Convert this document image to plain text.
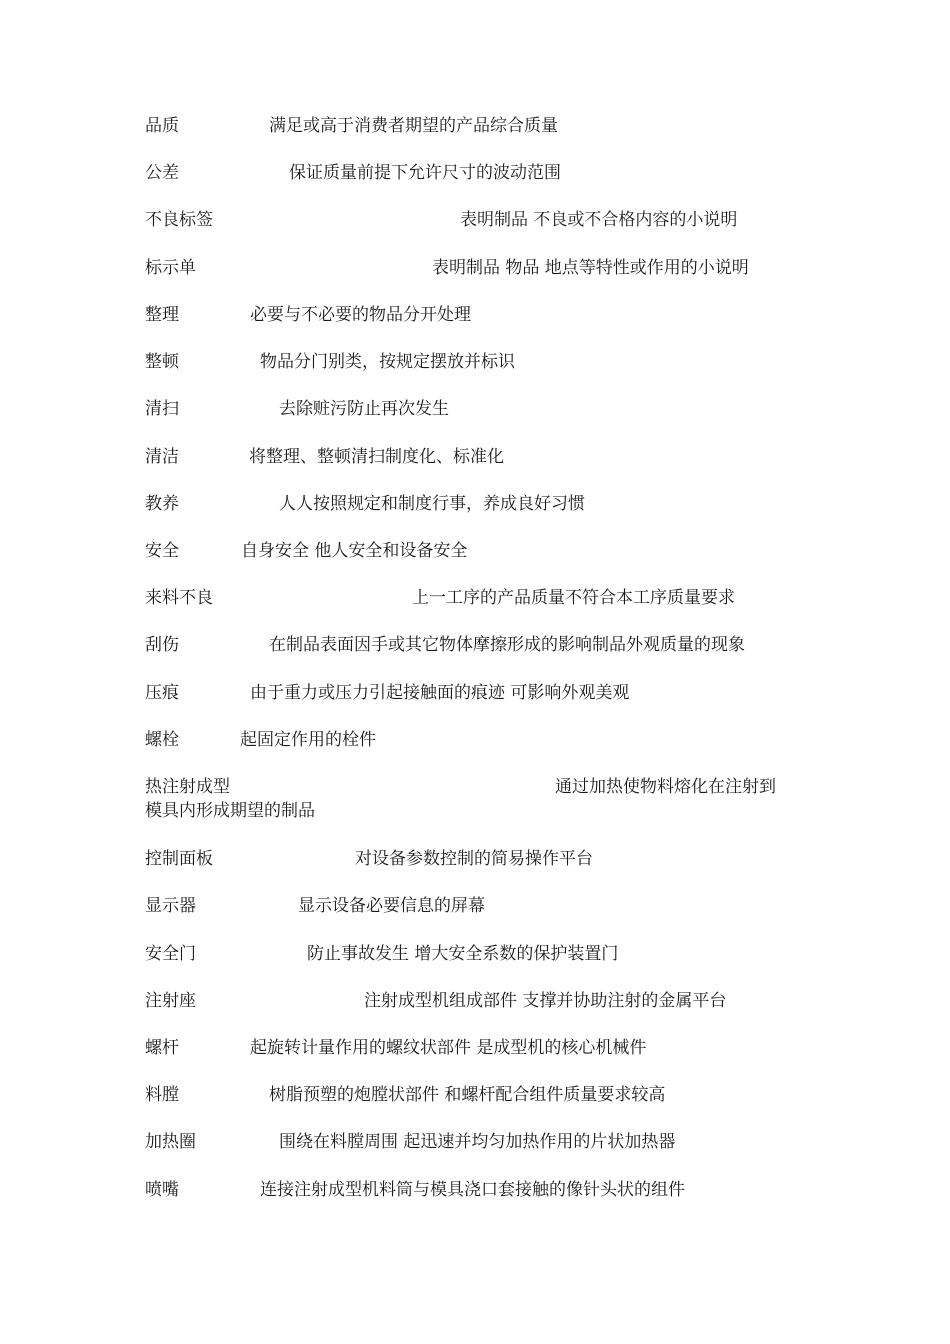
品质	满足或高于消费者期望的产品综合质量
公差	保证质量前提下允许尺寸的波动范围
不良标签	表明制品 不良或不合格内容的小说明
标示单	表明制品 物品 地点等特性或作用的小说明
整理	必要与不必要的物品分开处理
整顿	物品分门别类，按规定摆放并标识
清扫	去除赃污防止再次发生
清洁	将整理、整顿清扫制度化、标准化
教养	人人按照规定和制度行事，养成良好习惯
安全	自身安全 他人安全和设备安全
来料不良	上一工序的产品质量不符合本工序质量要求
刮伤	在制品表面因手或其它物体摩擦形成的影响制品外观质量的现象
压痕	由于重力或压力引起接触面的痕迹 可影响外观美观
螺栓	起固定作用的栓件
热注射成型	通过加热使物料熔化在注射到
模具内形成期望的制品
控制面板	对设备参数控制的简易操作平台
显示器	显示设备必要信息的屏幕
安全门	防止事故发生 增大安全系数的保护装置门
注射座	注射成型机组成部件 支撑并协助注射的金属平台
螺杆	起旋转计量作用的螺纹状部件 是成型机的核心机械件
料膛	树脂预塑的炮膛状部件 和螺杆配合组件质量要求较高
加热圈	围绕在料膛周围 起迅速并均匀加热作用的片状加热器
喷嘴	连接注射成型机料筒与模具浇口套接触的像针头状的组件
